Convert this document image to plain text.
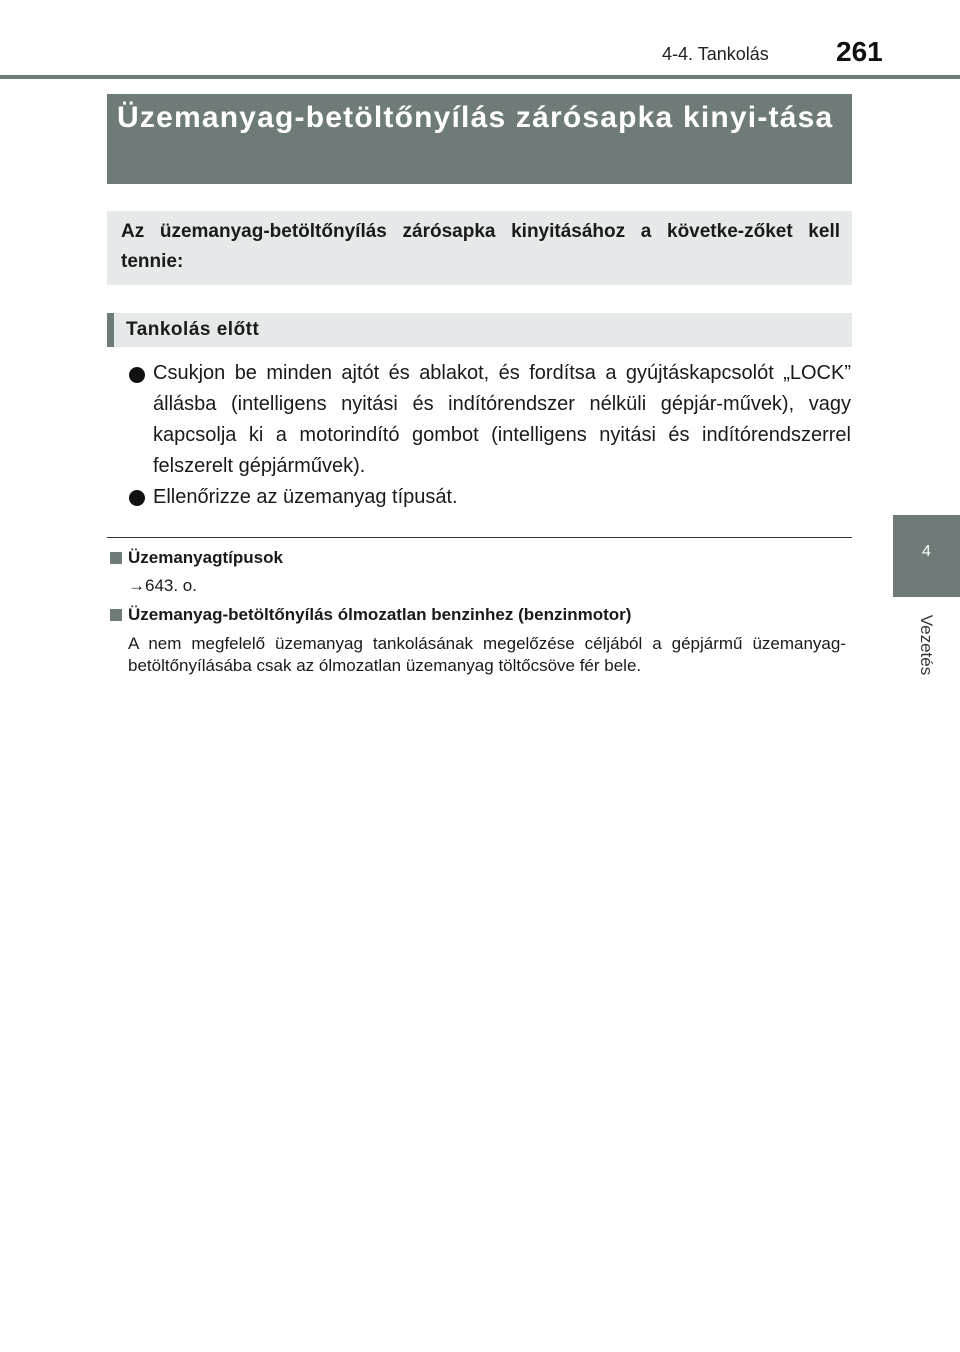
4-4. Tankolás 261
4
Vezetés
Üzemanyag-betöltőnyílás zárósapka kinyi-tása
Az üzemanyag-betöltőnyílás zárósapka kinyitásához a követke-zőket kell tennie:
Tankolás előtt
Csukjon be minden ajtót és ablakot, és fordítsa a gyújtáskapcsolót „LOCK” állásba (intelligens nyitási és indítórendszer nélküli gépjár-művek), vagy kapcsolja ki a motorindító gombot (intelligens nyitási és indítórendszerrel felszerelt gépjárművek).
Ellenőrizze az üzemanyag típusát.
Üzemanyagtípusok
→643. o.
Üzemanyag-betöltőnyílás ólmozatlan benzinhez (benzinmotor)
A nem megfelelő üzemanyag tankolásának megelőzése céljából a gépjármű üzemanyag-betöltőnyílásába csak az ólmozatlan üzemanyag töltőcsöve fér bele.
